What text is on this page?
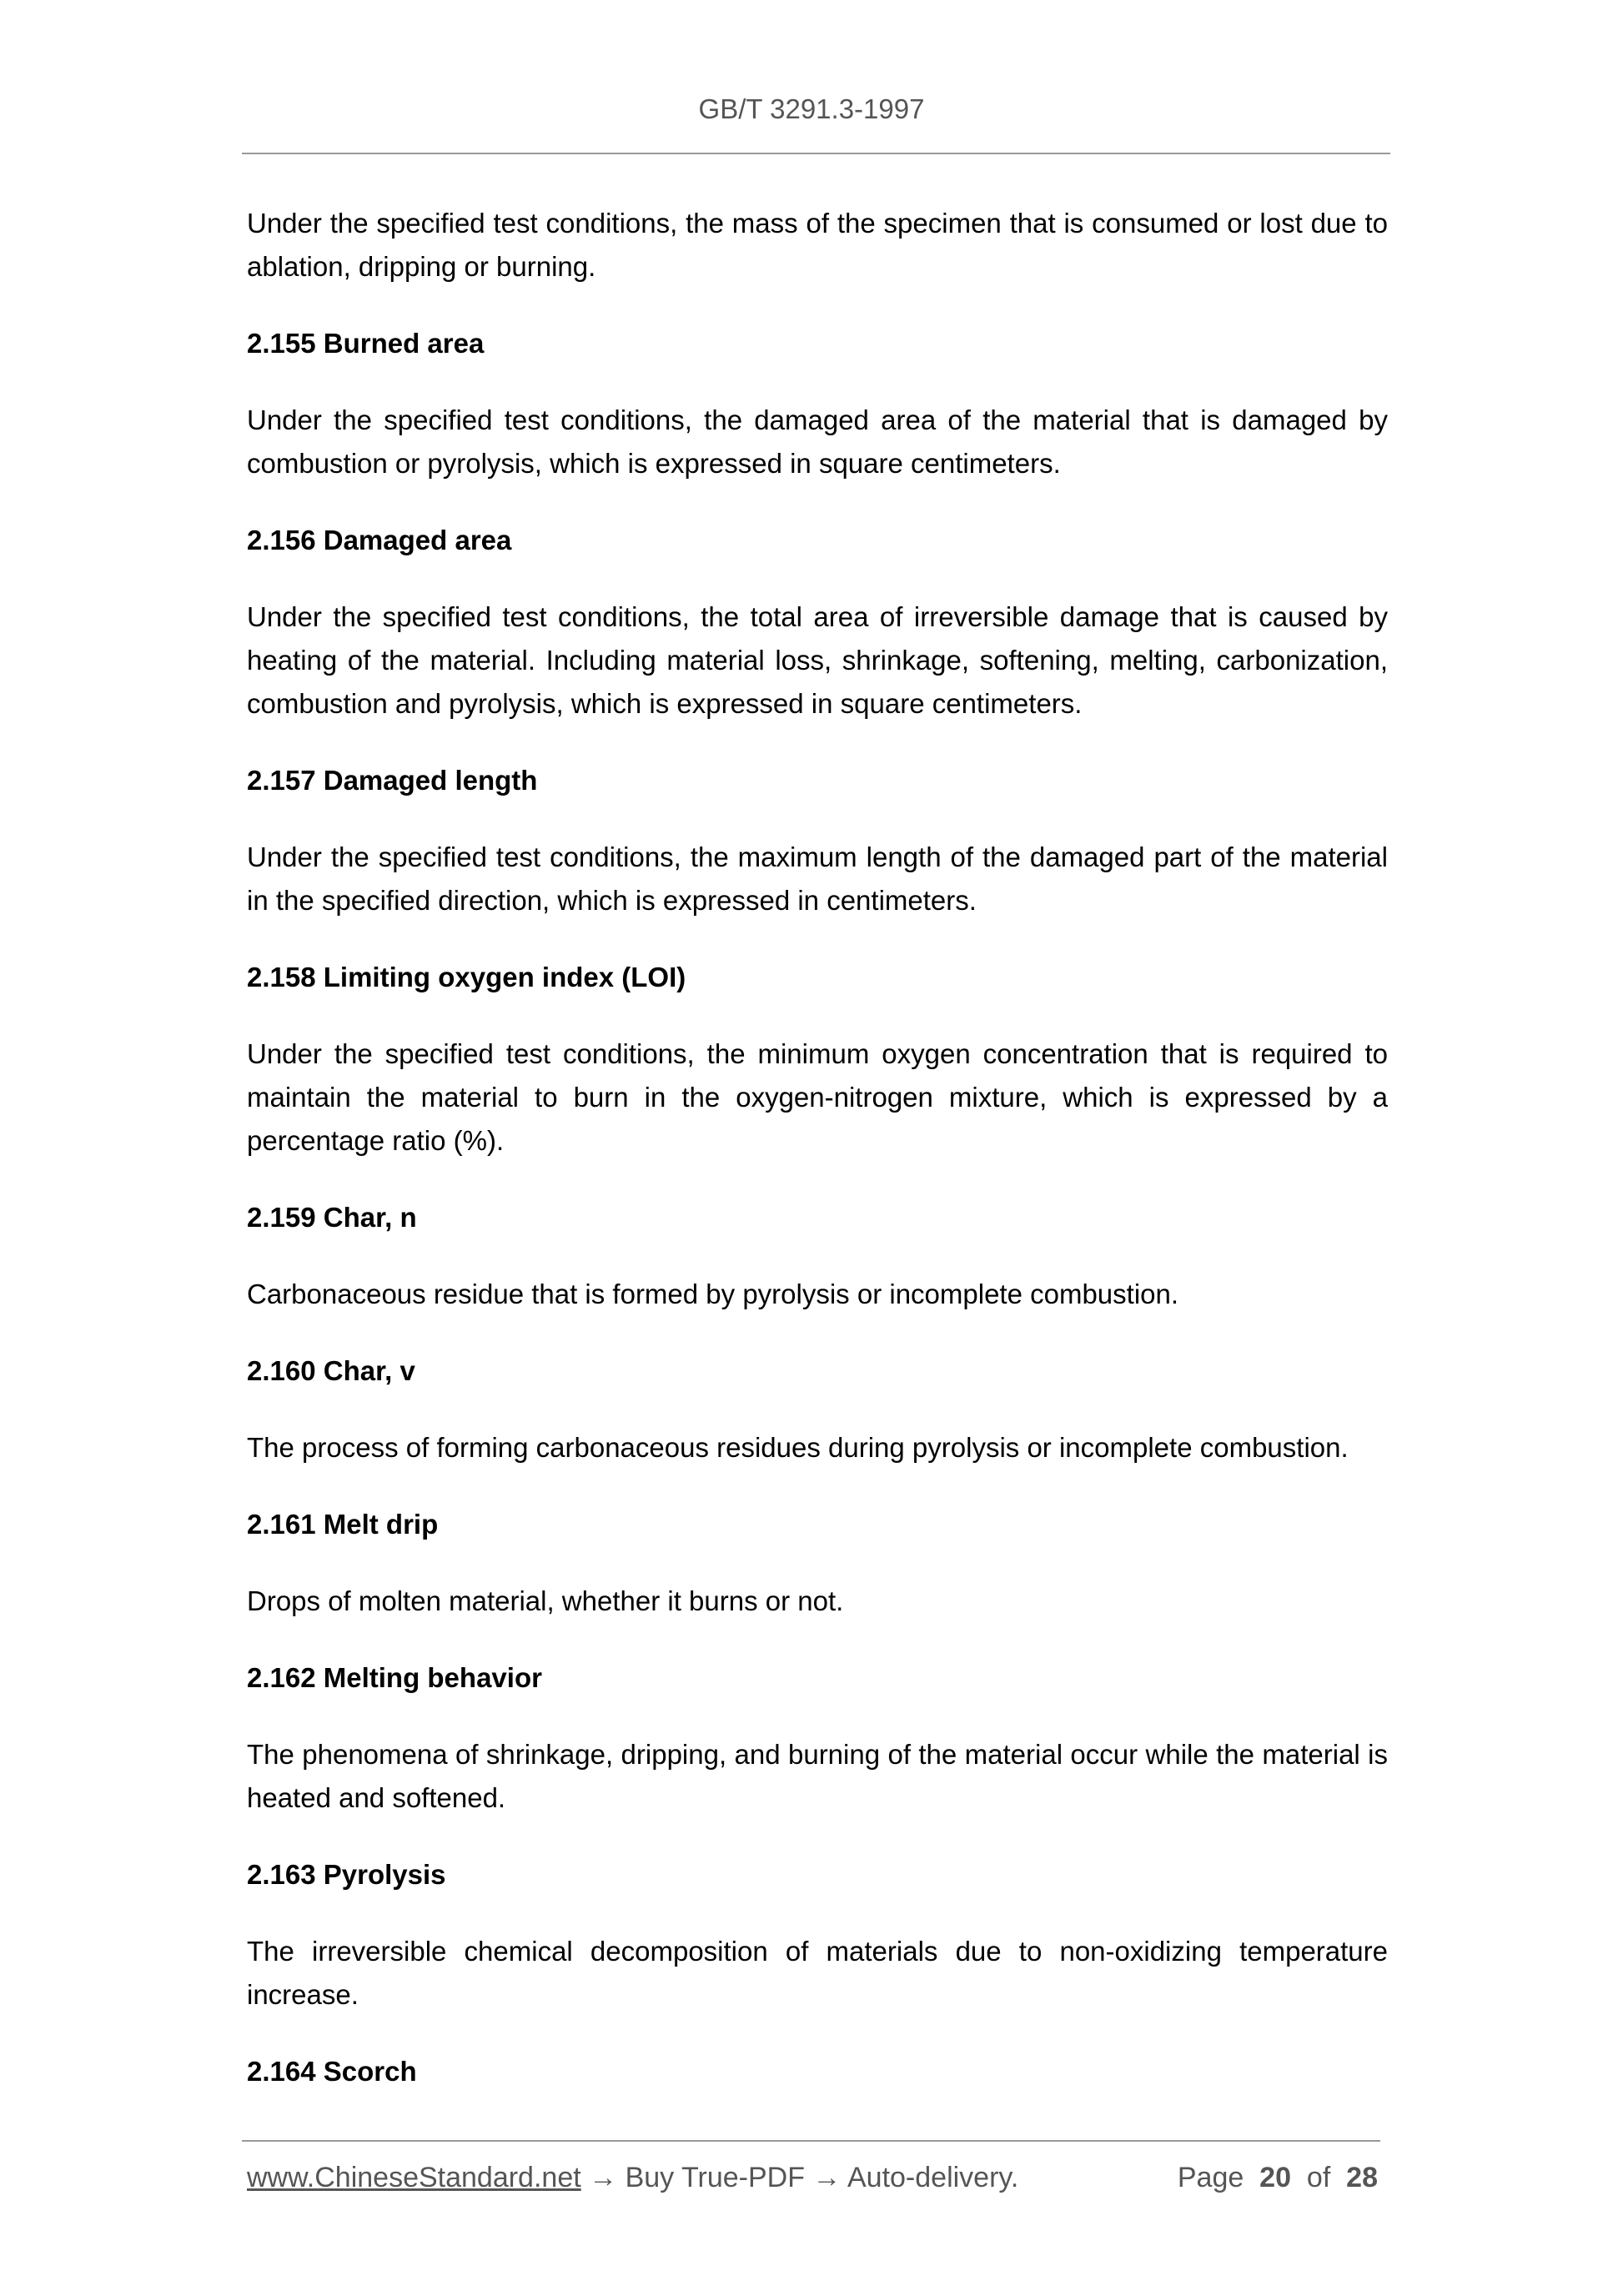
GB/T 3291.3-1997

Under the specified test conditions, the mass of the specimen that is consumed or lost due to ablation, dripping or burning.

2.155 Burned area

Under the specified test conditions, the damaged area of the material that is damaged by combustion or pyrolysis, which is expressed in square centimeters.

2.156 Damaged area

Under the specified test conditions, the total area of irreversible damage that is caused by heating of the material. Including material loss, shrinkage, softening, melting, carbonization, combustion and pyrolysis, which is expressed in square centimeters.

2.157 Damaged length

Under the specified test conditions, the maximum length of the damaged part of the material in the specified direction, which is expressed in centimeters.

2.158 Limiting oxygen index (LOI)

Under the specified test conditions, the minimum oxygen concentration that is required to maintain the material to burn in the oxygen-nitrogen mixture, which is expressed by a percentage ratio (%).

2.159 Char, n

Carbonaceous residue that is formed by pyrolysis or incomplete combustion.

2.160 Char, v

The process of forming carbonaceous residues during pyrolysis or incomplete combustion.

2.161 Melt drip

Drops of molten material, whether it burns or not.

2.162 Melting behavior

The phenomena of shrinkage, dripping, and burning of the material occur while the material is heated and softened.

2.163 Pyrolysis

The irreversible chemical decomposition of materials due to non-oxidizing temperature increase.

2.164 Scorch
www.ChineseStandard.net → Buy True-PDF → Auto-delivery.	Page 20 of 28
